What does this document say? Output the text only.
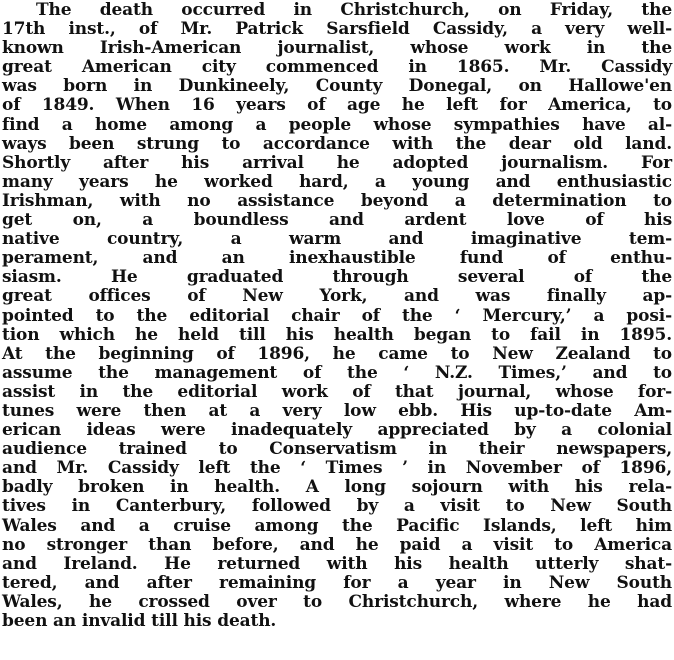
The death occurred in Christchurch, on Friday, the
17th inst., of Mr. Patrick Sarsfield Cassidy, a very well-
known Irish-American journalist, whose work in the
great American city commenced in 1865. Mr. Cassidy
was born in Dunkineely, County Donegal, on Hallowe'en
of 1849. When 16 years of age he left for America, to
find a home among a people whose sympathies have al-
ways been strung to accordance with the dear old land.
Shortly after his arrival he adopted journalism. For
many years he worked hard, a young and enthusiastic
Irishman, with no assistance beyond a determination to
get on, a boundless and ardent love of his
native country, a warm and imaginative tem-
perament, and an inexhaustible fund of enthu-
siasm. He graduated through several of the
great offices of New York, and was finally ap-
pointed to the editorial chair of the ‘ Mercury,’ a posi-
tion which he held till his health began to fail in 1895.
At the beginning of 1896, he came to New Zealand to
assume the management of the ‘ N.Z. Times,’ and to
assist in the editorial work of that journal, whose for-
tunes were then at a very low ebb. His up-to-date Am-
erican ideas were inadequately appreciated by a colonial
audience trained to Conservatism in their newspapers,
and Mr. Cassidy left the ‘ Times ’ in November of 1896,
badly broken in health. A long sojourn with his rela-
tives in Canterbury, followed by a visit to New South
Wales and a cruise among the Pacific Islands, left him
no stronger than before, and he paid a visit to America
and Ireland. He returned with his health utterly shat-
tered, and after remaining for a year in New South
Wales, he crossed over to Christchurch, where he had
been an invalid till his death.
